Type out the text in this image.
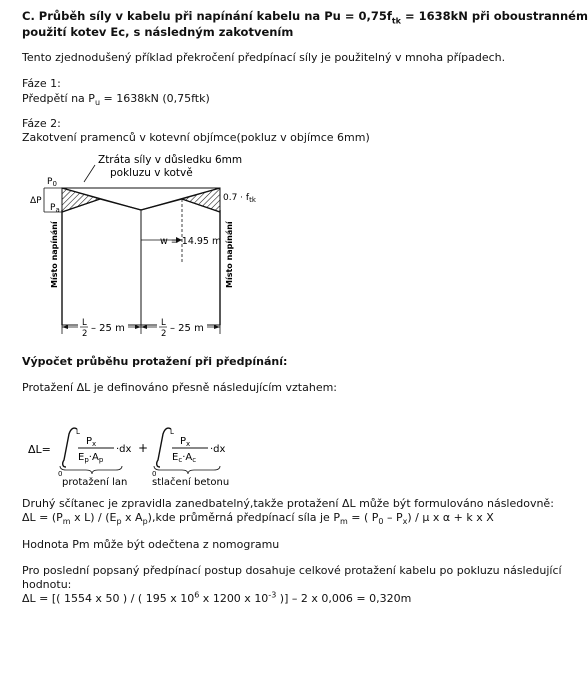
C. Průběh síly v kabelu při napínání kabelu na $Pu = 0,75f_{tk} = 1638kN$ při oboustranném
použití kotev Ec, s následným zakotvením
Tento zjednodušený příklad překročení předpínací síly je použitelný v mnoha případech.
Fáze 1:
Předpětí na $P_u = 1638kN$ (0,75ftk)
Fáze 2:
Zakotvení pramenců v kotevní objímce(pokluz v objímce 6mm)
Ztráta síly v důsledku 6mm
pokluzu v kotvě
$P_0$
ΔP
$P_a$
$0.7 \cdot f_{tk}$
w = 14.95 m
Místo napínání	Místo napínání
L
2 – 25 m	L
2 – 25 m
Výpočet průběhu protažení při předpínání:
Protažení ΔL je definováno přesně následujícím vztahem:
ΔL=
L
0
$P_x$
$E_p\cdot A_p$
·dx +
L
0
$P_x$
$E_c\cdot A_c$
·dx
protažení lan stlačení betonu
Druhý sčítanec je zpravidla zanedbatelný,takže protažení ΔL může být formulováno následovně:
$\Delta L = (P_m$ x $L) / (E_p$ x $A_p),kde$ průměrná předpínací síla je $P_m$ = ( $P_0 - P_x$) / μ x α + k x X
Hodnota Pm může být odečtena z nomogramu
Pro poslední popsaný předpínací postup dosahuje celkové protažení kabelu po pokluzu následující
hodnotu:
ΔL = [( 1554 x 50 ) / ( 195 x $10^6$ x 1200 x $10^{-3}$ )] – 2 x 0,006 = 0,320m
